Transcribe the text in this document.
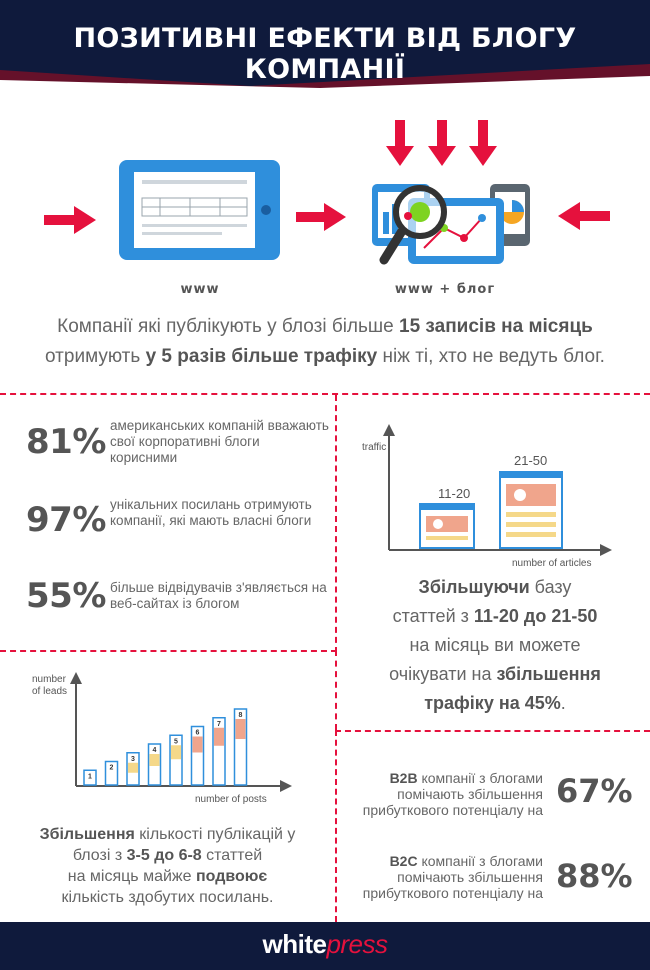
ПОЗИТИВНІ ЕФЕКТИ ВІД БЛОГУ КОМПАНІЇ
www	www + блог
Компанії які публікують у блозі більше 15 записів на місяць
отримують у 5 разів більше трафіку ніж ті, хто не ведуть блог.
81% американських компаній вважають свої корпоративні блоги корисними
97% унікальних посилань отримують компанії, які мають власні блоги
55% більше відвідувачів з'являється на веб-сайтах із блогом
traffic
number of articles
11-20
21-50
Збільшуючи базу
статтей з 11-20 до 21-50
на місяць ви можете
очікувати на збільшення
трафіку на 45%.
number of leads
number of posts
1
2
3
4
5
6
7
8
Збільшення кількості публікацій у
блозі з 3-5 до 6-8 статтей
на місяць майже подвоює
кількість здобутих посилань.
B2B компанії з блогами помічають збільшення прибуткового потенціалу на 67%
B2C компанії з блогами помічають збільшення прибуткового потенціалу на 88%
whitepress
